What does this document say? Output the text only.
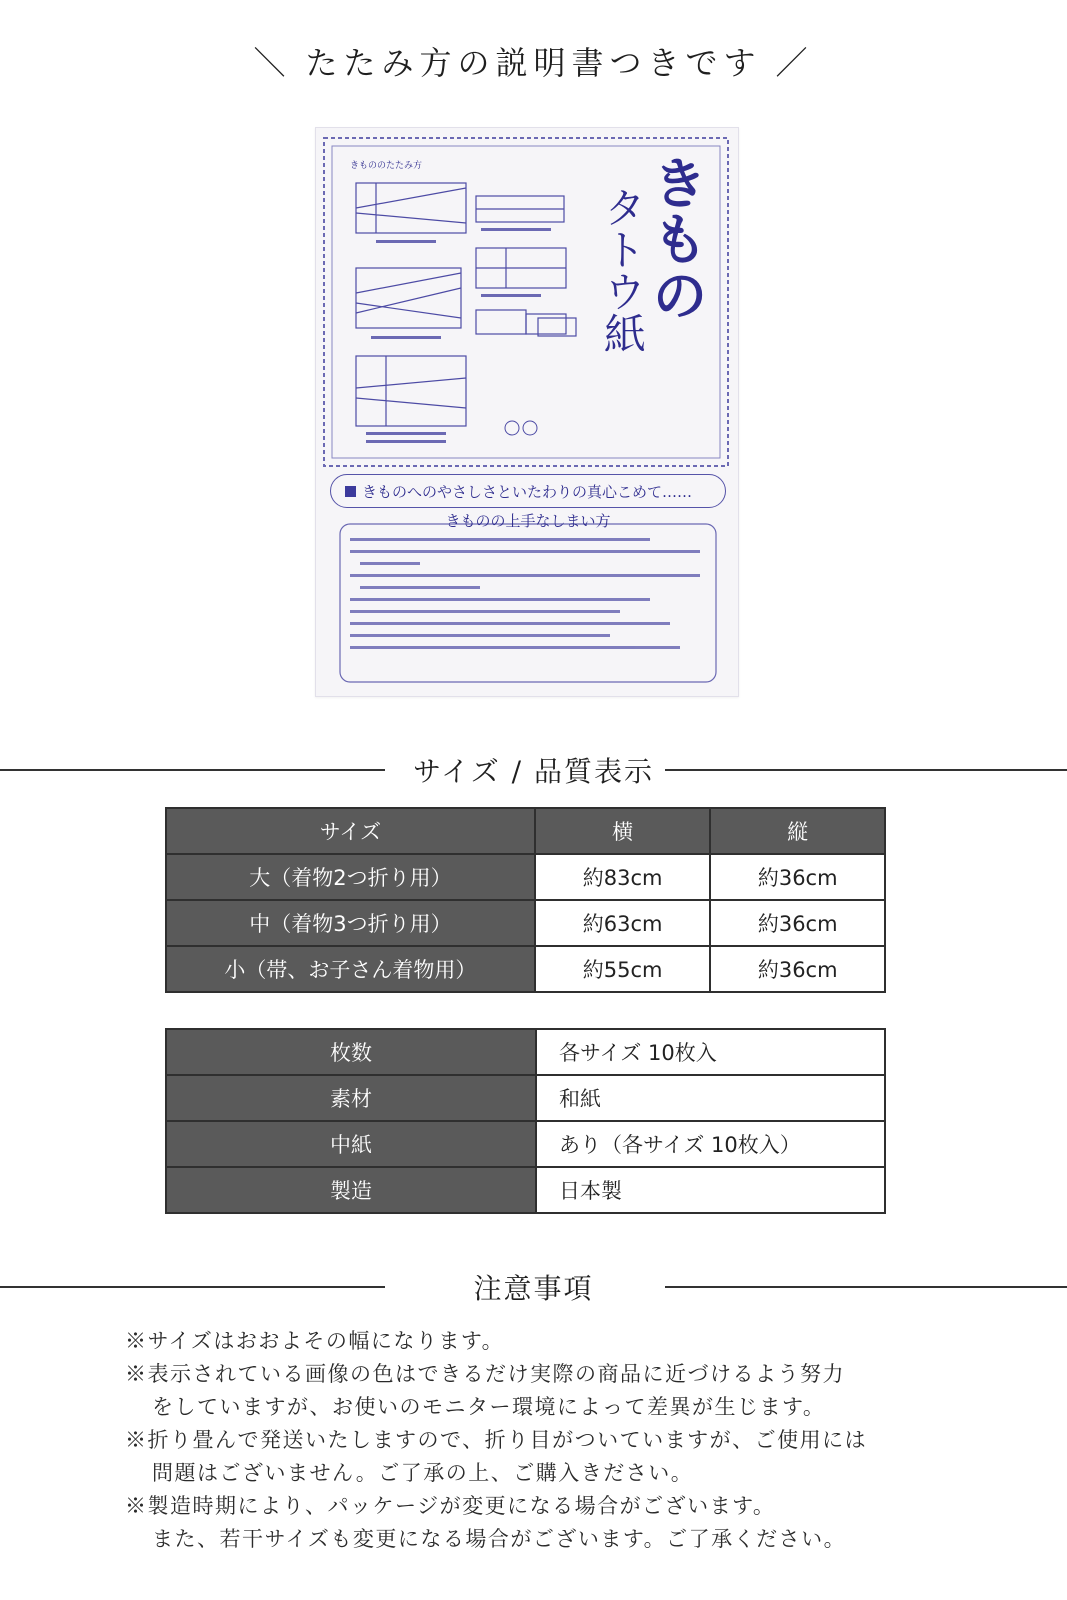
＼ たたみ方の説明書つきです ／
きもののたたみ方	きもの
タトウ紙
きものへのやさしさといたわりの真心こめて……
きものの上手なしまい方
サイズ / 品質表示
サイズ	横	縦
大（着物2つ折り用）	約83cm	約36cm
中（着物3つ折り用）	約63cm	約36cm
小（帯、お子さん着物用）	約55cm	約36cm
枚数	各サイズ 10枚入
素材	和紙
中紙	あり（各サイズ 10枚入）
製造	日本製
注意事項
※サイズはおおよその幅になります。
※表示されている画像の色はできるだけ実際の商品に近づけるよう努力
をしていますが、お使いのモニター環境によって差異が生じます。
※折り畳んで発送いたしますので、折り目がついていますが、ご使用には
問題はございません。ご了承の上、ご購入きださい。
※製造時期により、パッケージが変更になる場合がございます。
また、若干サイズも変更になる場合がございます。ご了承ください。
